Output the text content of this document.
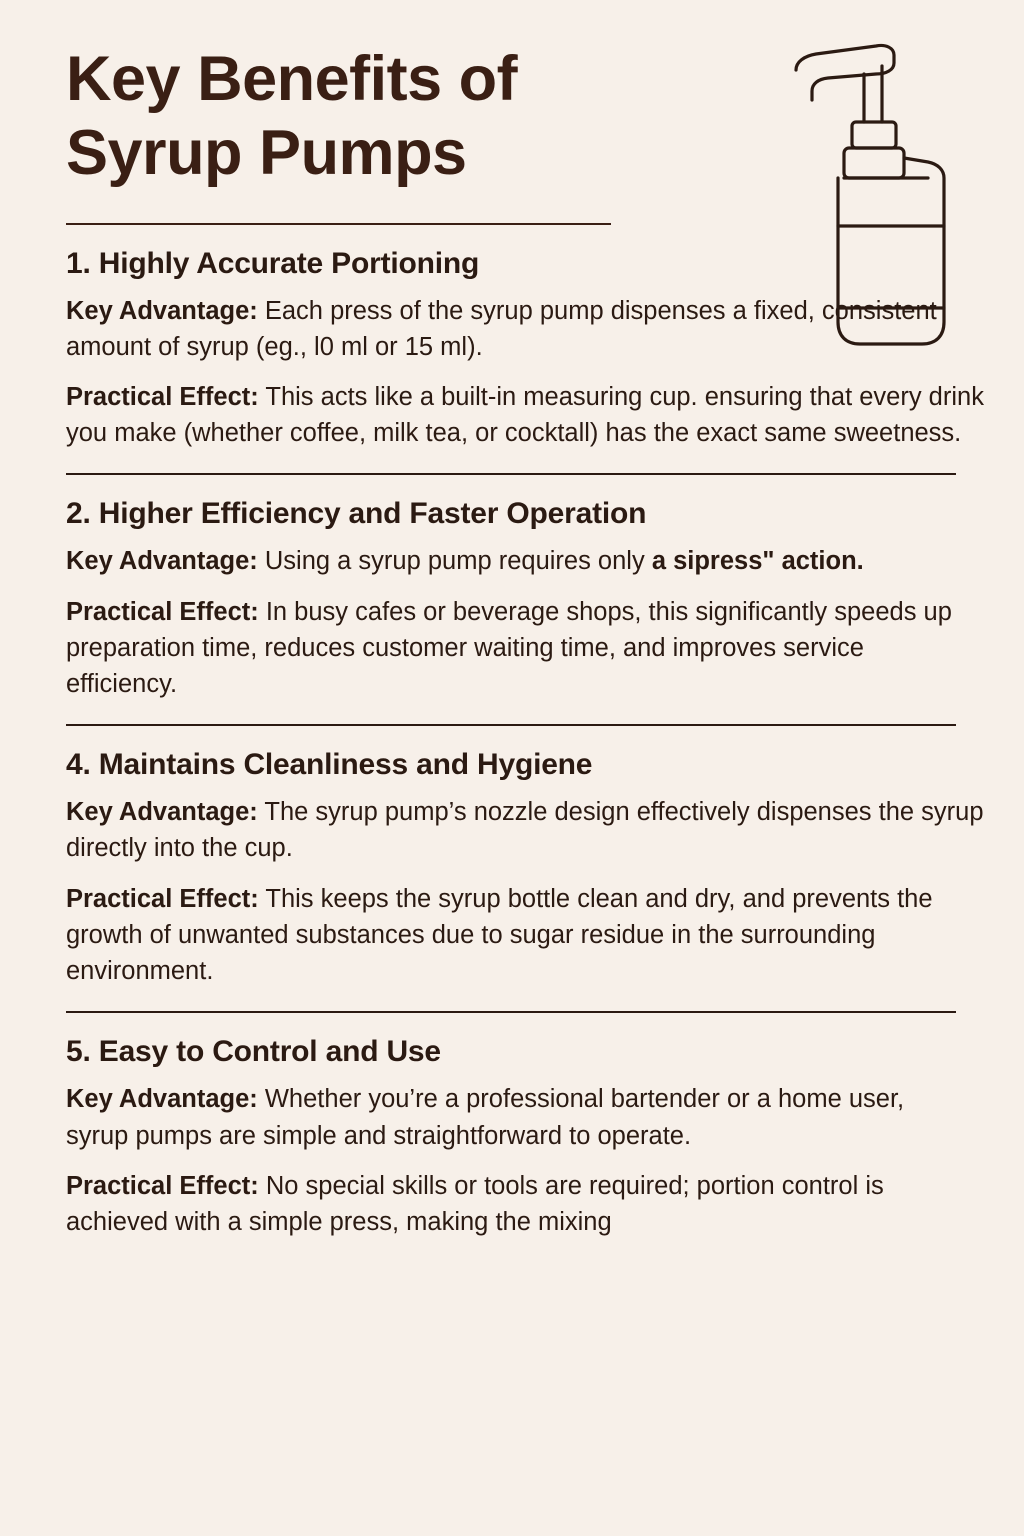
Key Benefits of
Syrup Pumps
1. Highly Accurate Portioning

Key Advantage: Each press of the syrup pump dispenses a fixed, consistent amount of syrup (eg., l0 ml or 15 ml).

Practical Effect: This acts like a built-in measuring cup. ensuring that every drink you make (whether coffee, milk tea, or cocktall) has the exact same sweetness.

2. Higher Efficiency and Faster Operation

Key Advantage: Using a syrup pump requires only a sipress" action.

Practical Effect: In busy cafes or beverage shops, this significantly speeds up preparation time, reduces customer waiting time, and improves service efficiency.

4. Maintains Cleanliness and Hygiene

Key Advantage: The syrup pump’s nozzle design effectively dispenses the syrup directly into the cup.

Practical Effect: This keeps the syrup bottle clean and dry, and prevents the growth of unwanted substances due to sugar residue in the surrounding environment.

5. Easy to Control and Use

Key Advantage: Whether you’re a professional bartender or a home user, syrup pumps are simple and straightforward to operate.

Practical Effect: No special skills or tools are required; portion control is achieved with a simple press, making the mixing
